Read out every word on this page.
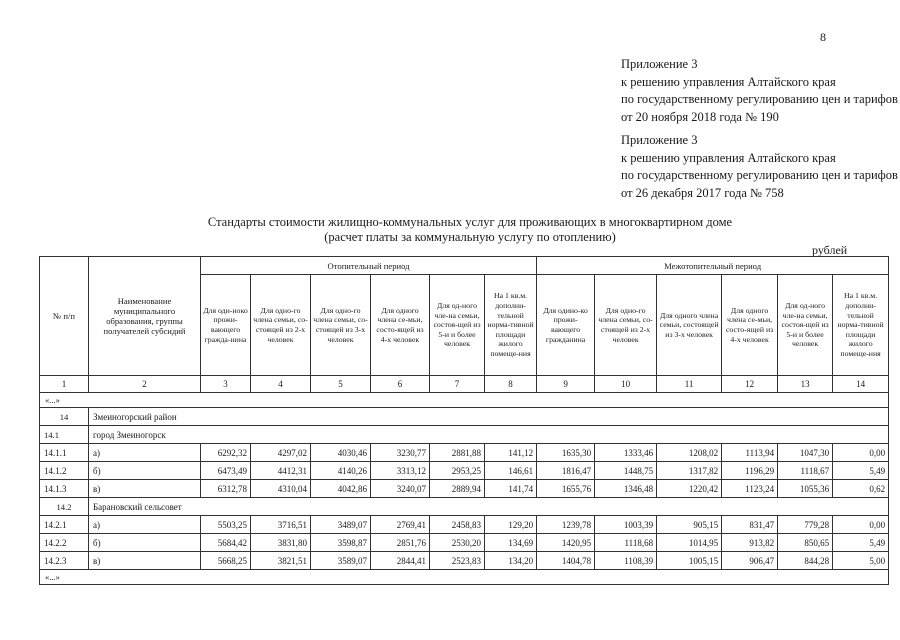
8
Приложение 3
к решению управления Алтайского края
по государственному регулированию цен и тарифов
от 20 ноября 2018 года № 190
Приложение 3
к решению управления Алтайского края
по государственному регулированию цен и тарифов
от 26 декабря 2017 года № 758
Стандарты стоимости жилищно-коммунальных услуг для проживающих в многоквартирном доме
(расчет платы за коммунальную услугу по отоплению)
рублей
№ п/п	Наименование муниципального образования, группы получателей субсидий	Отопительный период						Межотопительный период					
		Для оди-ноко прожи-вающего гражда-нина	Для одно-го члена семьи, со-стоящей из 2-х человек	Для одно-го члена семьи, со-стоящей из 3-х человек	Для одного члена се-мьи, состо-ящей из 4-х человек	Для од-ного чле-на семьи, состоя-щей из 5-и и более человек	На 1 кв.м. дополни-тельной норма-тивной площади жилого помеще-ния	Для одино-ко прожи-вающего гражданина	Для одно-го члена семьи, со-стоящей из 2-х человек	Для одного члена семьи, состоящей из 3-х человек	Для одного члена се-мьи, состо-ящей из 4-х человек	Для од-ного чле-на семьи, состоя-щей из 5-и и более человек	На 1 кв.м. дополни-тельной норма-тивной площади жилого помеще-ния
1	2	3	4	5	6	7	8	9	10	11	12	13	14
«...»													
14	Змеиногорский район												
14.1	город Змеиногорск												
14.1.1	а)	6292,32	4297,02	4030,46	3230,77	2881,88	141,12	1635,30	1333,46	1208,02	1113,94	1047,30	0,00
14.1.2	б)	6473,49	4412,31	4140,26	3313,12	2953,25	146,61	1816,47	1448,75	1317,82	1196,29	1118,67	5,49
14.1.3	в)	6312,78	4310,04	4042,86	3240,07	2889,94	141,74	1655,76	1346,48	1220,42	1123,24	1055,36	0,62
14.2	Барановский сельсовет												
14.2.1	а)	5503,25	3716,51	3489,07	2769,41	2458,83	129,20	1239,78	1003,39	905,15	831,47	779,28	0,00
14.2.2	б)	5684,42	3831,80	3598,87	2851,76	2530,20	134,69	1420,95	1118,68	1014,95	913,82	850,65	5,49
14.2.3	в)	5668,25	3821,51	3589,07	2844,41	2523,83	134,20	1404,78	1108,39	1005,15	906,47	844,28	5,00
«...»													
